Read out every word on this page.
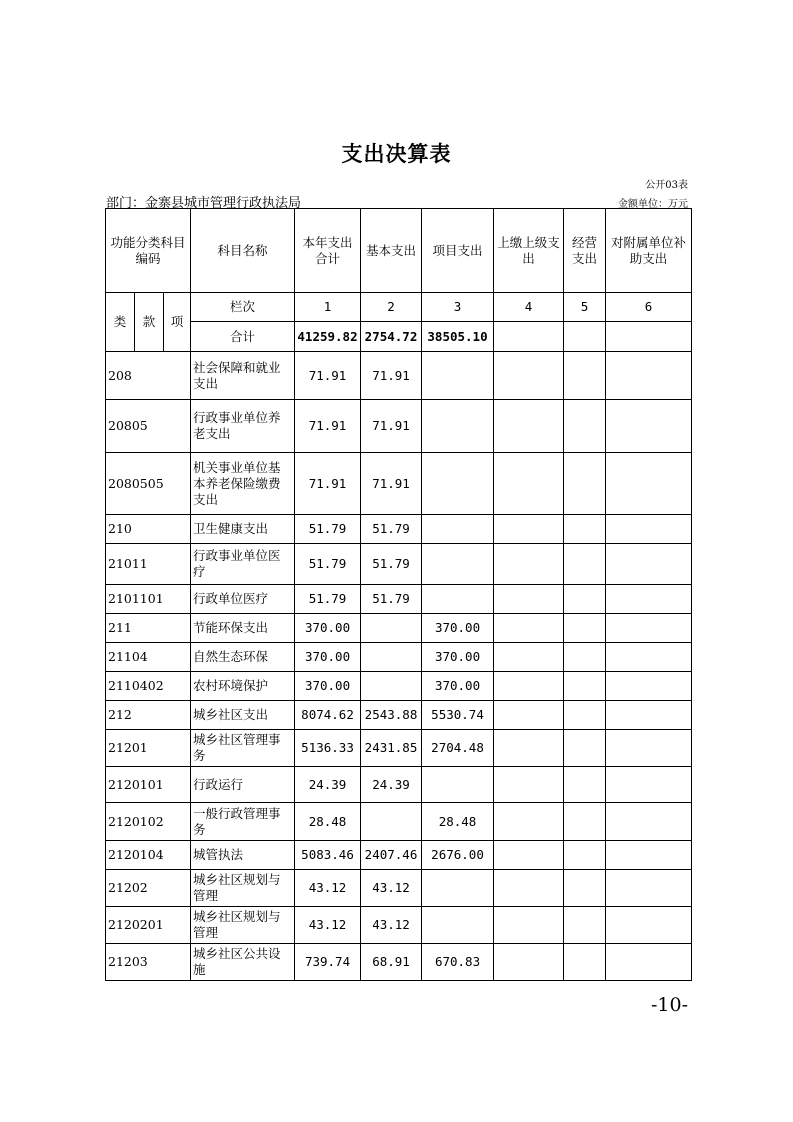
支出决算表
公开03表
部门：金寨县城市管理行政执法局	金额单位：万元
功能分类科目编码			科目名称	本年支出合计	基本支出	项目支出	上缴上级支出	经营支出	对附属单位补助支出
类	款	项	栏次	1	2	3	4	5	6
			合计	41259.82	2754.72	38505.10			
208			社会保障和就业支出	71.91	71.91				
20805			行政事业单位养老支出	71.91	71.91				
2080505			机关事业单位基本养老保险缴费支出	71.91	71.91				
210			卫生健康支出	51.79	51.79				
21011			行政事业单位医疗	51.79	51.79				
2101101			行政单位医疗	51.79	51.79				
211			节能环保支出	370.00		370.00			
21104			自然生态环保	370.00		370.00			
2110402			农村环境保护	370.00		370.00			
212			城乡社区支出	8074.62	2543.88	5530.74			
21201			城乡社区管理事务	5136.33	2431.85	2704.48			
2120101			行政运行	24.39	24.39				
2120102			一般行政管理事务	28.48		28.48			
2120104			城管执法	5083.46	2407.46	2676.00			
21202			城乡社区规划与管理	43.12	43.12				
2120201			城乡社区规划与管理	43.12	43.12				
21203			城乡社区公共设施	739.74	68.91	670.83			
-10-
